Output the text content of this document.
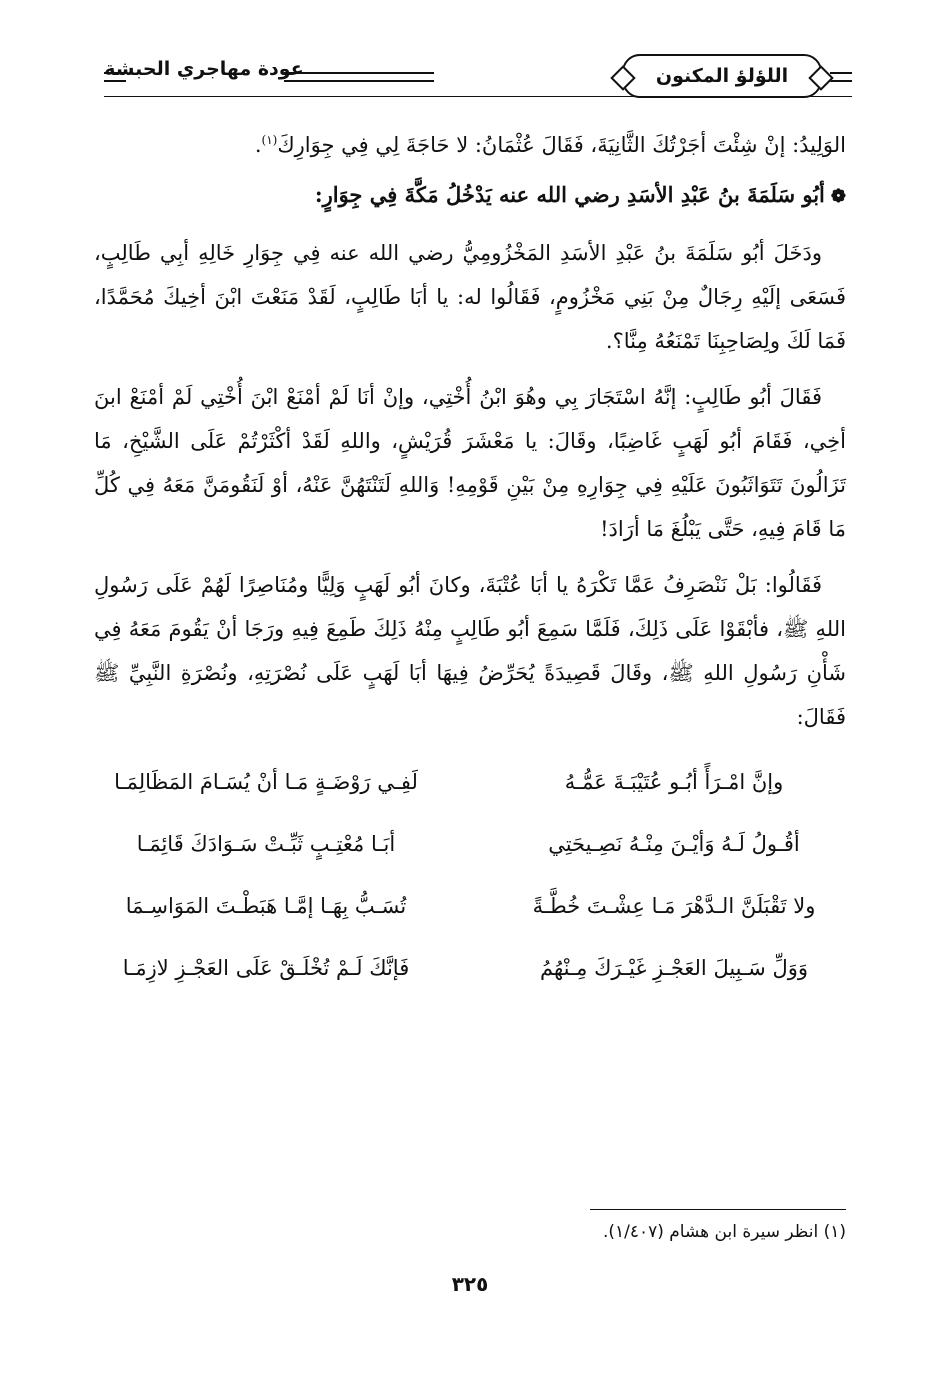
اللؤلؤ المكنون
عودة مهاجري الحبشة

الوَلِيدُ: إنْ شِئْتَ أجَرْتُكَ الثَّانِيَةَ، فَقَالَ عُثْمَانُ: لا حَاجَةَ لِي فِي جِوَارِكَ$^{(١)}$.

❁أبُو سَلَمَةَ بنُ عَبْدِ الأسَدِ رضي الله عنه يَدْخُلُ مَكَّةَ فِي جِوَارٍ:

ودَخَلَ أبُو سَلَمَةَ بنُ عَبْدِ الأسَدِ المَخْزُومِيُّ رضي الله عنه فِي جِوَارِ خَالِهِ أبِي طَالِبٍ، فَسَعَى إلَيْهِ رِجَالٌ مِنْ بَنِي مَخْزُومٍ، فَقَالُوا له: يا أبَا طَالِبٍ، لَقَدْ مَنَعْتَ ابْنَ أخِيكَ مُحَمَّدًا، فَمَا لَكَ ولِصَاحِبِنَا تَمْنَعُهُ مِنَّا؟.

فَقَالَ أبُو طَالِبٍ: إنَّهُ اسْتَجَارَ بِي وهُوَ ابْنُ أُخْتِي، وإنْ أنَا لَمْ أمْنَعْ ابْنَ أُخْتِي لَمْ أمْنَعْ ابنَ أخِي، فَقَامَ أبُو لَهَبٍ غَاضِبًا، وقَالَ: يا مَعْشَرَ قُرَيْشٍ، واللهِ لَقَدْ أكْثَرْتُمْ عَلَى الشَّيْخِ، مَا تَزَالُونَ تَتَوَاثَبُونَ عَلَيْهِ فِي جِوَارِهِ مِنْ بَيْنِ قَوْمِهِ! وَاللهِ لَتَنْتَهُنَّ عَنْهُ، أوْ لَنَقُومَنَّ مَعَهُ فِي كُلِّ مَا قَامَ فِيهِ، حَتَّى يَبْلُغَ مَا أرَادَ!

فَقَالُوا: بَلْ نَنْصَرِفُ عَمَّا تَكْرَهُ يا أبَا عُتْبَةَ، وكانَ أبُو لَهَبٍ وَلِيًّا ومُنَاصِرًا لَهُمْ عَلَى رَسُولِ اللهِ ﷺ، فأبْقَوْا عَلَى ذَلِكَ، فَلَمَّا سَمِعَ أبُو طَالِبٍ مِنْهُ ذَلِكَ طَمِعَ فِيهِ ورَجَا أنْ يَقُومَ مَعَهُ فِي شَأْنِ رَسُولِ اللهِ ﷺ، وقَالَ قَصِيدَةً يُحَرِّضُ فِيهَا أبَا لَهَبٍ عَلَى نُصْرَتِهِ، ونُصْرَةِ النَّبِيِّ ﷺ فَقَالَ:

وإنَّ امْـرَأً أبُـو عُتَيْبَـةَ عَمُّـهُ
لَفِـي رَوْضَـةٍ مَـا أنْ يُسَـامَ المَظَالِمَـا
أقُـولُ لَـهُ وَأيْـنَ مِنْـهُ نَصِـيحَتِي
أبَـا مُعْتِـبٍ ثَبِّـتْ سَـوَادَكَ قَائِمَـا
ولا تَقْبَلَنَّ الـدَّهْرَ مَـا عِشْـتَ خُطَّـةً
تُسَـبُّ بِهَـا إمَّـا هَبَطْـتَ المَوَاسِـمَا
وَوَلِّ سَـبِيلَ العَجْـزِ غَيْـرَكَ مِـنْهُمُ
فَإنَّكَ لَـمْ تُخْلَـقْ عَلَى العَجْـزِ لازِمَـا
(١) انظر سيرة ابن هشام (١/٤٠٧).
٣٢٥
